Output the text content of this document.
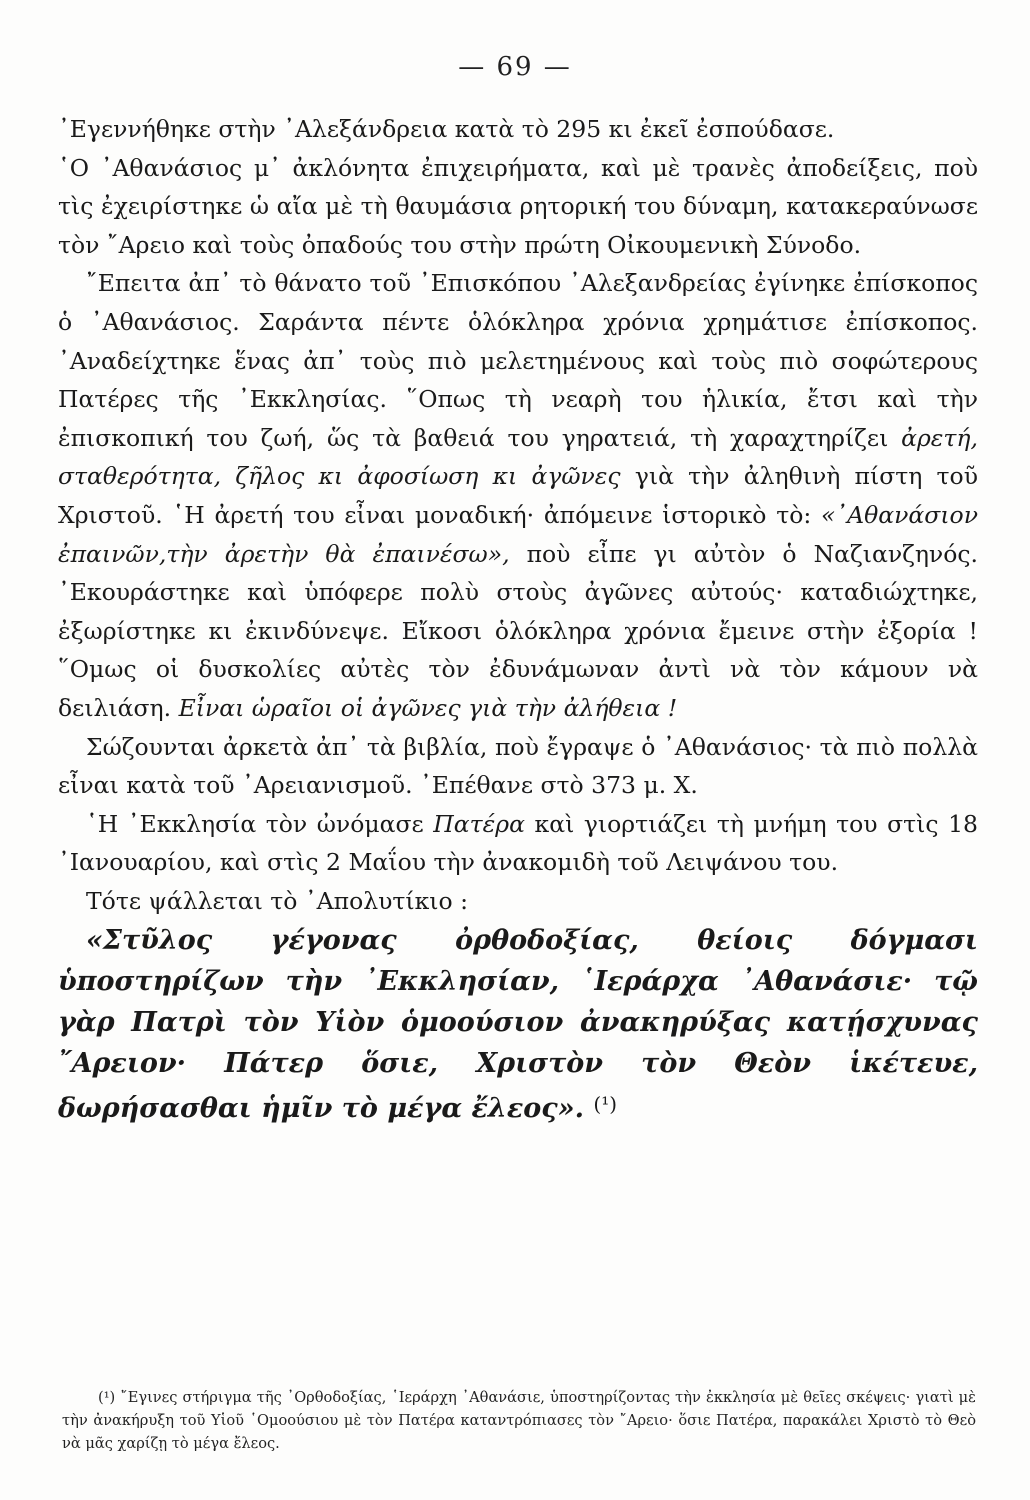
— 69 —

᾿Εγεννήθηκε στὴν ᾿Αλεξάνδρεια κατὰ τὸ 295 κι ἐκεῖ ἐσπούδασε.

῾Ο ᾿Αθανάσιος μ᾿ ἀκλόνητα ἐπιχειρήματα, καὶ μὲ τρανὲς ἀποδείξεις, ποὺ τὶς ἐχειρίστηκε ὡ αἴα μὲ τὴ θαυμάσια ρητορική του δύναμη, κατακεραύνωσε τὸν ῎Αρειο καὶ τοὺς ὀπαδούς του στὴν πρώτη Οἰκουμενικὴ Σύνοδο.

῎Επειτα ἀπ᾿ τὸ θάνατο τοῦ ᾿Επισκόπου ᾿Αλεξανδρείας ἐγίνηκε ἐπίσκοπος ὁ ᾿Αθανάσιος. Σαράντα πέντε ὁλόκληρα χρόνια χρημάτισε ἐπίσκοπος. ᾿Αναδείχτηκε ἕνας ἀπ᾿ τοὺς πιὸ μελετημένους καὶ τοὺς πιὸ σοφώτερους Πατέρες τῆς ᾿Εκκλησίας. ῞Οπως τὴ νεαρὴ του ἡλικία, ἔτσι καὶ τὴν ἐπισκοπική του ζωή, ὥς τὰ βαθειά του γηρατειά, τὴ χαραχτηρίζει ἀρετή, σταθερότητα, ζῆλος κι ἀφοσίωση κι ἀγῶνες γιὰ τὴν ἀληθινὴ πίστη τοῦ Χριστοῦ. ῾Η ἀρετή του εἶναι μοναδική· ἀπόμεινε ἱστορικὸ τὸ: «᾿Αθανάσιον ἐπαινῶν,τὴν ἀρετὴν θὰ ἐπαινέσω», ποὺ εἶπε γι αὐτὸν ὁ Ναζιανζηνός. ᾿Εκουράστηκε καὶ ὑπόφερε πολὺ στοὺς ἀγῶνες αὐτούς· καταδιώχτηκε, ἐξωρίστηκε κι ἐκινδύνεψε. Εἴκοσι ὁλόκληρα χρόνια ἔμεινε στὴν ἐξορία ! ῞Ομως οἱ δυσκολίες αὐτὲς τὸν ἐδυνάμωναν ἀντὶ νὰ τὸν κάμουν νὰ δειλιάση. Εἶναι ὡραῖοι οἱ ἀγῶνες γιὰ τὴν ἀλήθεια !

Σώζουνται ἀρκετὰ ἀπ᾿ τὰ βιβλία, ποὺ ἔγραψε ὁ ᾿Αθανάσιος· τὰ πιὸ πολλὰ εἶναι κατὰ τοῦ ᾿Αρειανισμοῦ. ᾿Επέθανε στὸ 373 μ. Χ.

῾Η ᾿Εκκλησία τὸν ὠνόμασε Πατέρα καὶ γιορτιάζει τὴ μνήμη του στὶς 18 ᾿Ιανουαρίου, καὶ στὶς 2 Μαΐου τὴν ἀνακομιδὴ τοῦ Λειψάνου του.

Τότε ψάλλεται τὸ ᾿Απολυτίκιο :

«Στῦλος γέγονας ὀρθοδοξίας, θείοις δόγμασι ὑποστηρίζων τὴν ᾿Εκκλησίαν, ῾Ιεράρχα ᾿Αθανάσιε· τῷ γὰρ Πατρὶ τὸν Υἱὸν ὁμοούσιον ἀνακηρύξας κατῄσχυνας ῎Αρειον· Πάτερ ὅσιε, Χριστὸν τὸν Θεὸν ἱκέτευε, δωρήσασθαι ἡμῖν τὸ μέγα ἔλεος». $^{(^1)}$

(¹) ῎Εγινες στήριγμα τῆς ᾿Ορθοδοξίας, ῾Ιεράρχη ᾿Αθανάσιε, ὑποστηρίζοντας τὴν ἐκκλησία μὲ θεῖες σκέψεις· γιατὶ μὲ τὴν ἀνακήρυξη τοῦ Υἱοῦ ῾Ομοούσιου μὲ τὸν Πατέρα καταντρόπιασες τὸν ῎Αρειο· ὅσιε Πατέρα, παρακάλει Χριστὸ τὸ Θεὸ νὰ μᾶς χαρίζῃ τὸ μέγα ἔλεος.
